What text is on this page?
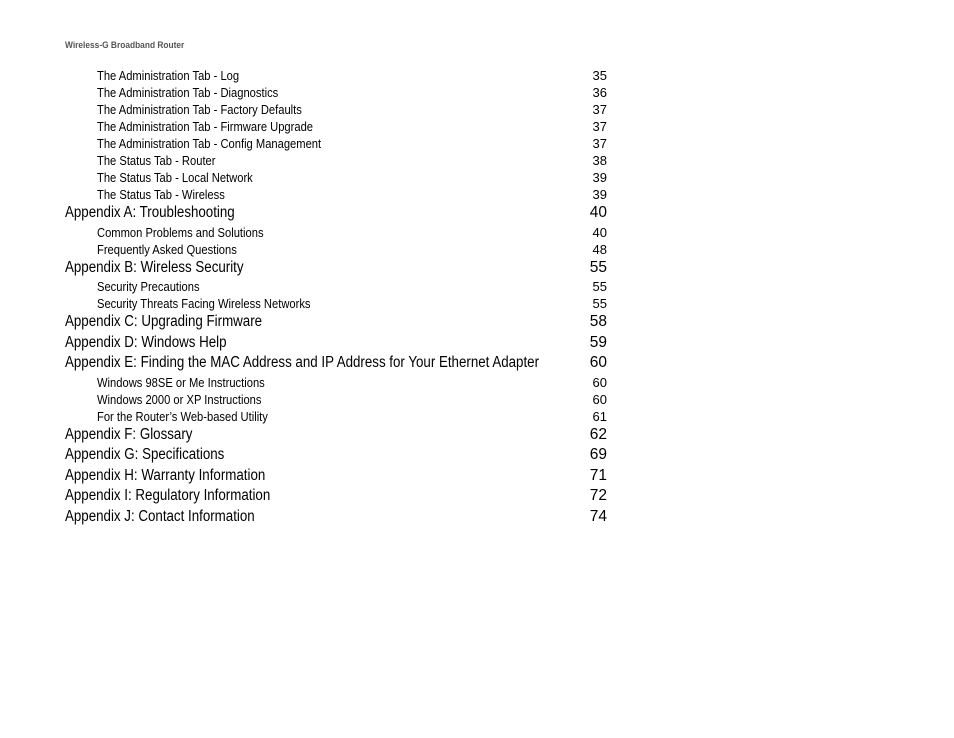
Wireless-G Broadband Router
The Administration Tab - Log	35
The Administration Tab - Diagnostics	36
The Administration Tab - Factory Defaults	37
The Administration Tab - Firmware Upgrade	37
The Administration Tab - Config Management	37
The Status Tab - Router	38
The Status Tab - Local Network	39
The Status Tab - Wireless	39
Appendix A: Troubleshooting	40
Common Problems and Solutions	40
Frequently Asked Questions	48
Appendix B: Wireless Security	55
Security Precautions	55
Security Threats Facing Wireless Networks	55
Appendix C: Upgrading Firmware	58
Appendix D: Windows Help	59
Appendix E: Finding the MAC Address and IP Address for Your Ethernet Adapter	60
Windows 98SE or Me Instructions	60
Windows 2000 or XP Instructions	60
For the Router’s Web-based Utility	61
Appendix F: Glossary	62
Appendix G: Specifications	69
Appendix H: Warranty Information	71
Appendix I: Regulatory Information	72
Appendix J: Contact Information	74
